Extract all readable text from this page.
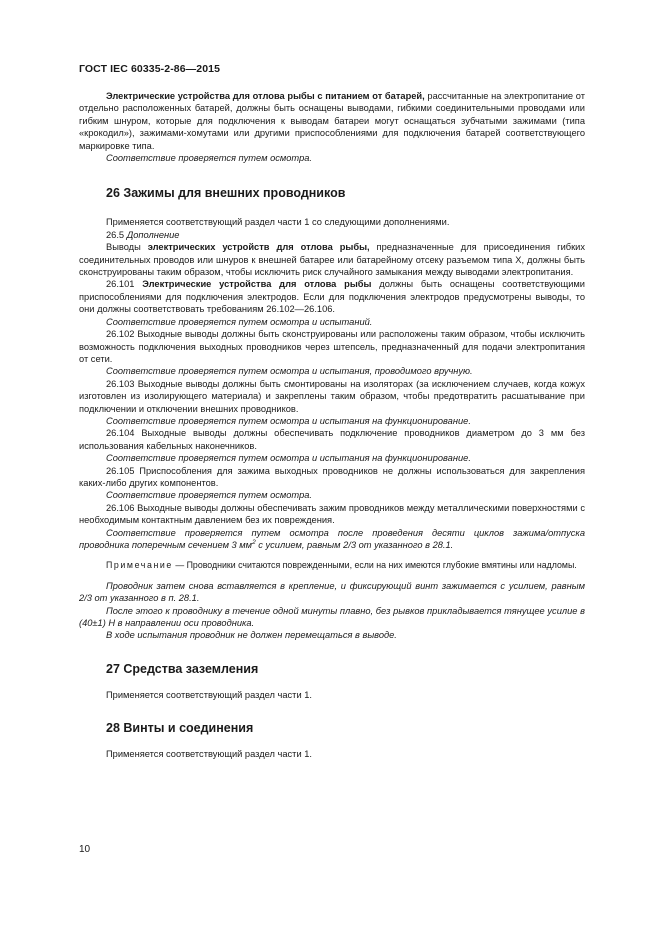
ГОСТ IEC 60335-2-86—2015

Электрические устройства для отлова рыбы с питанием от батарей, рассчитанные на электропитание от отдельно расположенных батарей, должны быть оснащены выводами, гибкими соединительными проводами или гибким шнуром, которые для подключения к выводам батареи могут оснащаться зубчатыми зажимами (типа «крокодил»), зажимами-хомутами или другими приспособлениями для подключения батарей соответствующего маркировке типа.

Соответствие проверяется путем осмотра.

26 Зажимы для внешних проводников

Применяется соответствующий раздел части 1 со следующими дополнениями.

26.5 Дополнение

Выводы электрических устройств для отлова рыбы, предназначенные для присоединения гибких соединительных проводов или шнуров к внешней батарее или батарейному отсеку разъемом типа X, должны быть сконструированы таким образом, чтобы исключить риск случайного замыкания между выводами электропитания.

26.101 Электрические устройства для отлова рыбы должны быть оснащены соответствующими приспособлениями для подключения электродов. Если для подключения электродов предусмотрены выводы, то они должны соответствовать требованиям 26.102—26.106.

Соответствие проверяется путем осмотра и испытаний.

26.102 Выходные выводы должны быть сконструированы или расположены таким образом, чтобы исключить возможность подключения выходных проводников через штепсель, предназначенный для подачи электропитания от сети.

Соответствие проверяется путем осмотра и испытания, проводимого вручную.

26.103 Выходные выводы должны быть смонтированы на изоляторах (за исключением случаев, когда кожух изготовлен из изолирующего материала) и закреплены таким образом, чтобы предотвратить расшатывание при подключении и отключении внешних проводников.

Соответствие проверяется путем осмотра и испытания на функционирование.

26.104 Выходные выводы должны обеспечивать подключение проводников диаметром до 3 мм без использования кабельных наконечников.

Соответствие проверяется путем осмотра и испытания на функционирование.

26.105 Приспособления для зажима выходных проводников не должны использоваться для закрепления каких-либо других компонентов.

Соответствие проверяется путем осмотра.

26.106 Выходные выводы должны обеспечивать зажим проводников между металлическими поверхностями с необходимым контактным давлением без их повреждения.

Соответствие проверяется путем осмотра после проведения десяти циклов зажима/отпуска проводника поперечным сечением 3 $мм^2$ с усилием, равным 2/3 от указанного в 28.1.

Примечание — Проводники считаются поврежденными, если на них имеются глубокие вмятины или надломы.

Проводник затем снова вставляется в крепление, и фиксирующий винт зажимается с усилием, равным 2/3 от указанного в п. 28.1.

После этого к проводнику в течение одной минуты плавно, без рывков прикладывается тянущее усилие в (40±1) Н в направлении оси проводника.

В ходе испытания проводник не должен перемещаться в выводе.

27 Средства заземления

Применяется соответствующий раздел части 1.

28 Винты и соединения

Применяется соответствующий раздел части 1.

10
